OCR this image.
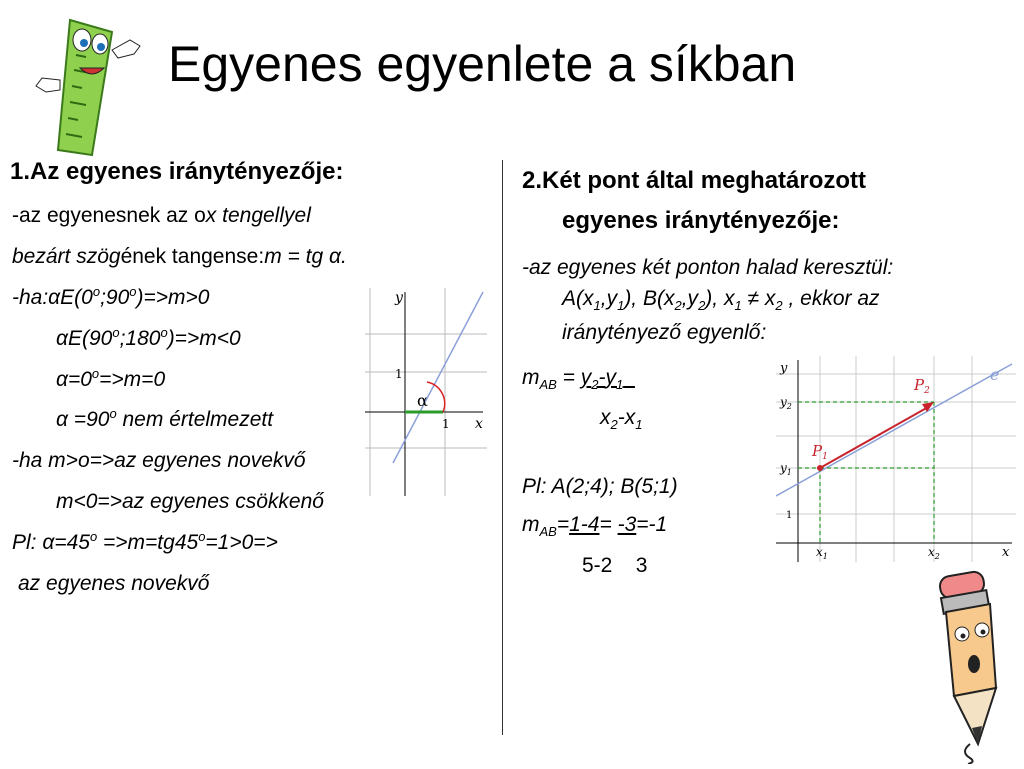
Egyenes egyenlete a síkban
1.Az egyenes iránytényezője:
-az egyenesnek az ox tengellyel
bezárt szögének tangense:m = tg α.
$-ha:\alpha E(0^o;90^o)=>m>0$
$\alpha E(90^o;180^o)=>m<0$
$\alpha=0^o=>m=0$
$\alpha =90^o$ nem értelmezett
-ha m>o=>az egyenes novekvő
m<0=>az egyenes csökkenő
Pl: $\alpha=45^o =>m=tg45^o=1>0=>$
az egyenes novekvő
α
y
x
1
1
2.Két pont által meghatározott
egyenes iránytényezője:
-az egyenes két ponton halad keresztül:
$A(x_1,y_1)$, $B(x_2,y_2)$, $x_1 \ne x_2$ , ekkor az
iránytényező egyenlő:
$m_{AB} = y_2-y_1$
$x_2-x_1$
Pl: A(2;4); B(5;1)
$m_{AB}=1-4= -3=-1$
5-2 3
$P_1$
$P_2$
e
y
x
$y_2$
$y_1$
1
$x_1$	$x_2$
